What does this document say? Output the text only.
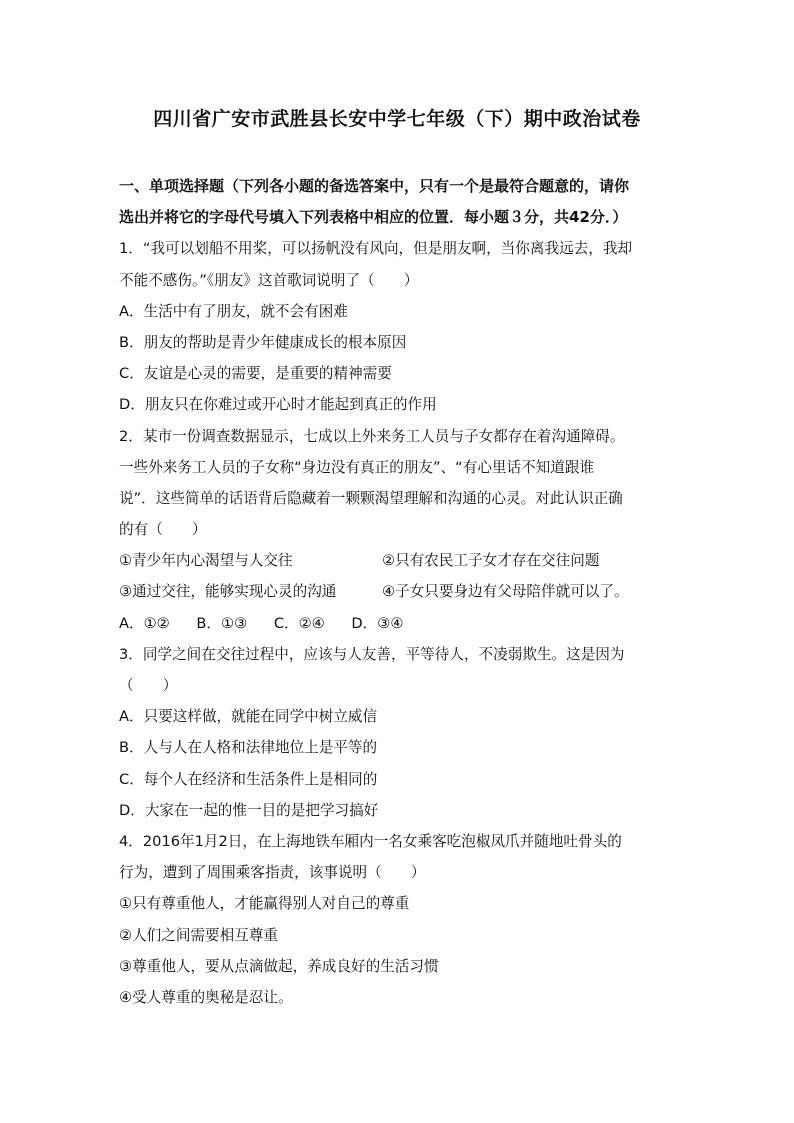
四川省广安市武胜县长安中学七年级（下）期中政治试卷
一、单项选择题（下列各小题的备选答案中，只有一个是最符合题意的，请你
选出并将它的字母代号填入下列表格中相应的位置．每小题３分，共42分．）
1．“我可以划船不用桨，可以扬帆没有风向，但是朋友啊，当你离我远去，我却
不能不感伤。”《朋友》这首歌词说明了（　　）
A．生活中有了朋友，就不会有困难
B．朋友的帮助是青少年健康成长的根本原因
C．友谊是心灵的需要，是重要的精神需要
D．朋友只在你难过或开心时才能起到真正的作用
2．某市一份调查数据显示，七成以上外来务工人员与子女都存在着沟通障碍。
一些外来务工人员的子女称“身边没有真正的朋友”、“有心里话不知道跟谁
说”．这些简单的话语背后隐藏着一颗颗渴望理解和沟通的心灵。对此认识正确
的有（　　）
①青少年内心渴望与人交往	②只有农民工子女才存在交往问题
③通过交往，能够实现心灵的沟通	④子女只要身边有父母陪伴就可以了。
A．①② B．①③ C．②④ D．③④
3．同学之间在交往过程中，应该与人友善，平等待人，不凌弱欺生。这是因为
（　　）
A．只要这样做，就能在同学中树立威信
B．人与人在人格和法律地位上是平等的
C．每个人在经济和生活条件上是相同的
D．大家在一起的惟一目的是把学习搞好
4．2016年1月2日，在上海地铁车厢内一名女乘客吃泡椒凤爪并随地吐骨头的
行为，遭到了周围乘客指责，该事说明（　　）
①只有尊重他人，才能赢得别人对自己的尊重
②人们之间需要相互尊重
③尊重他人，要从点滴做起，养成良好的生活习惯
④受人尊重的奥秘是忍让。
